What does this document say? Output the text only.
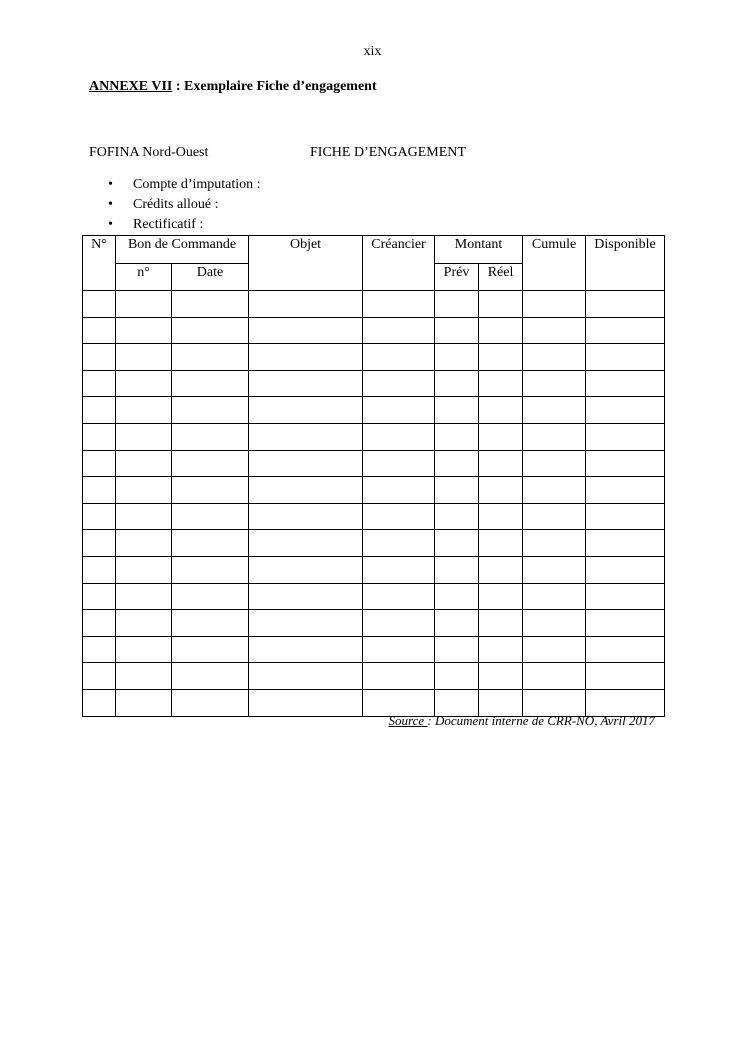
xix
ANNEXE VII : Exemplaire Fiche d’engagement
FOFINA Nord-Ouest	FICHE D’ENGAGEMENT
• Compte d’imputation :
• Crédits alloué :
• Rectificatif :
N°	Bon de Commande		Objet	Créancier	Montant		Cumule	Disponible
	n°	Date			Prév	Réel		

Source : Document interne de CRR-NO, Avril 2017
